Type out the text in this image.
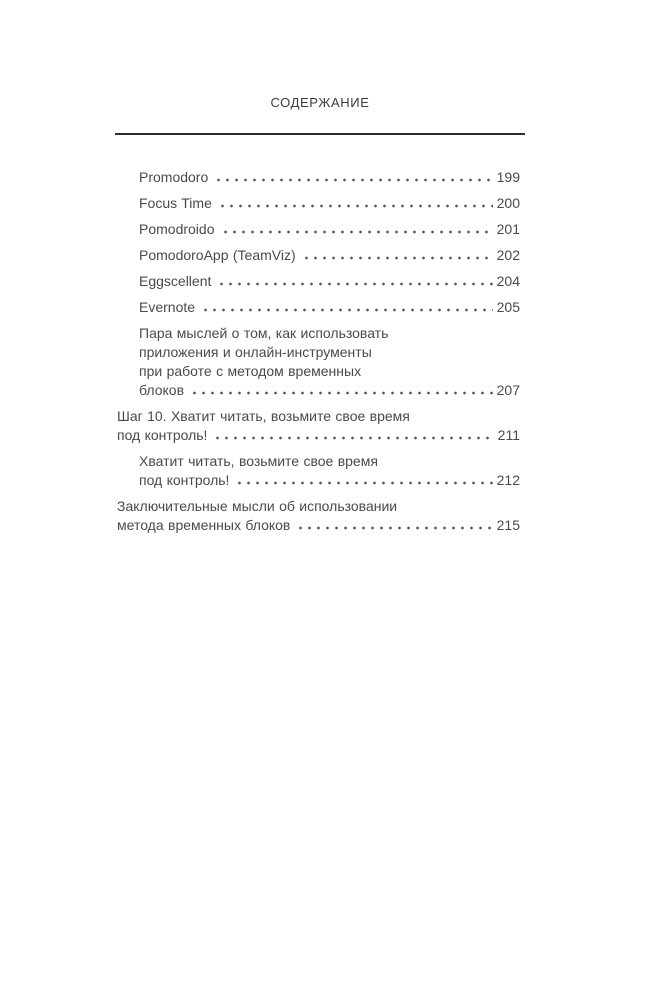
СОДЕРЖАНИЕ
Promodoro	199
Focus Time	200
Pomodroido	201
PomodoroApp (TeamViz)	202
Eggscellent	204
Evernote	205
Пара мыслей о том, как использовать
приложения и онлайн-инструменты
при работе с методом временных
блоков	207
Шаг 10. Хватит читать, возьмите свое время
под контроль!	211
Хватит читать, возьмите свое время
под контроль!	212
Заключительные мысли об использовании
метода временных блоков	215
